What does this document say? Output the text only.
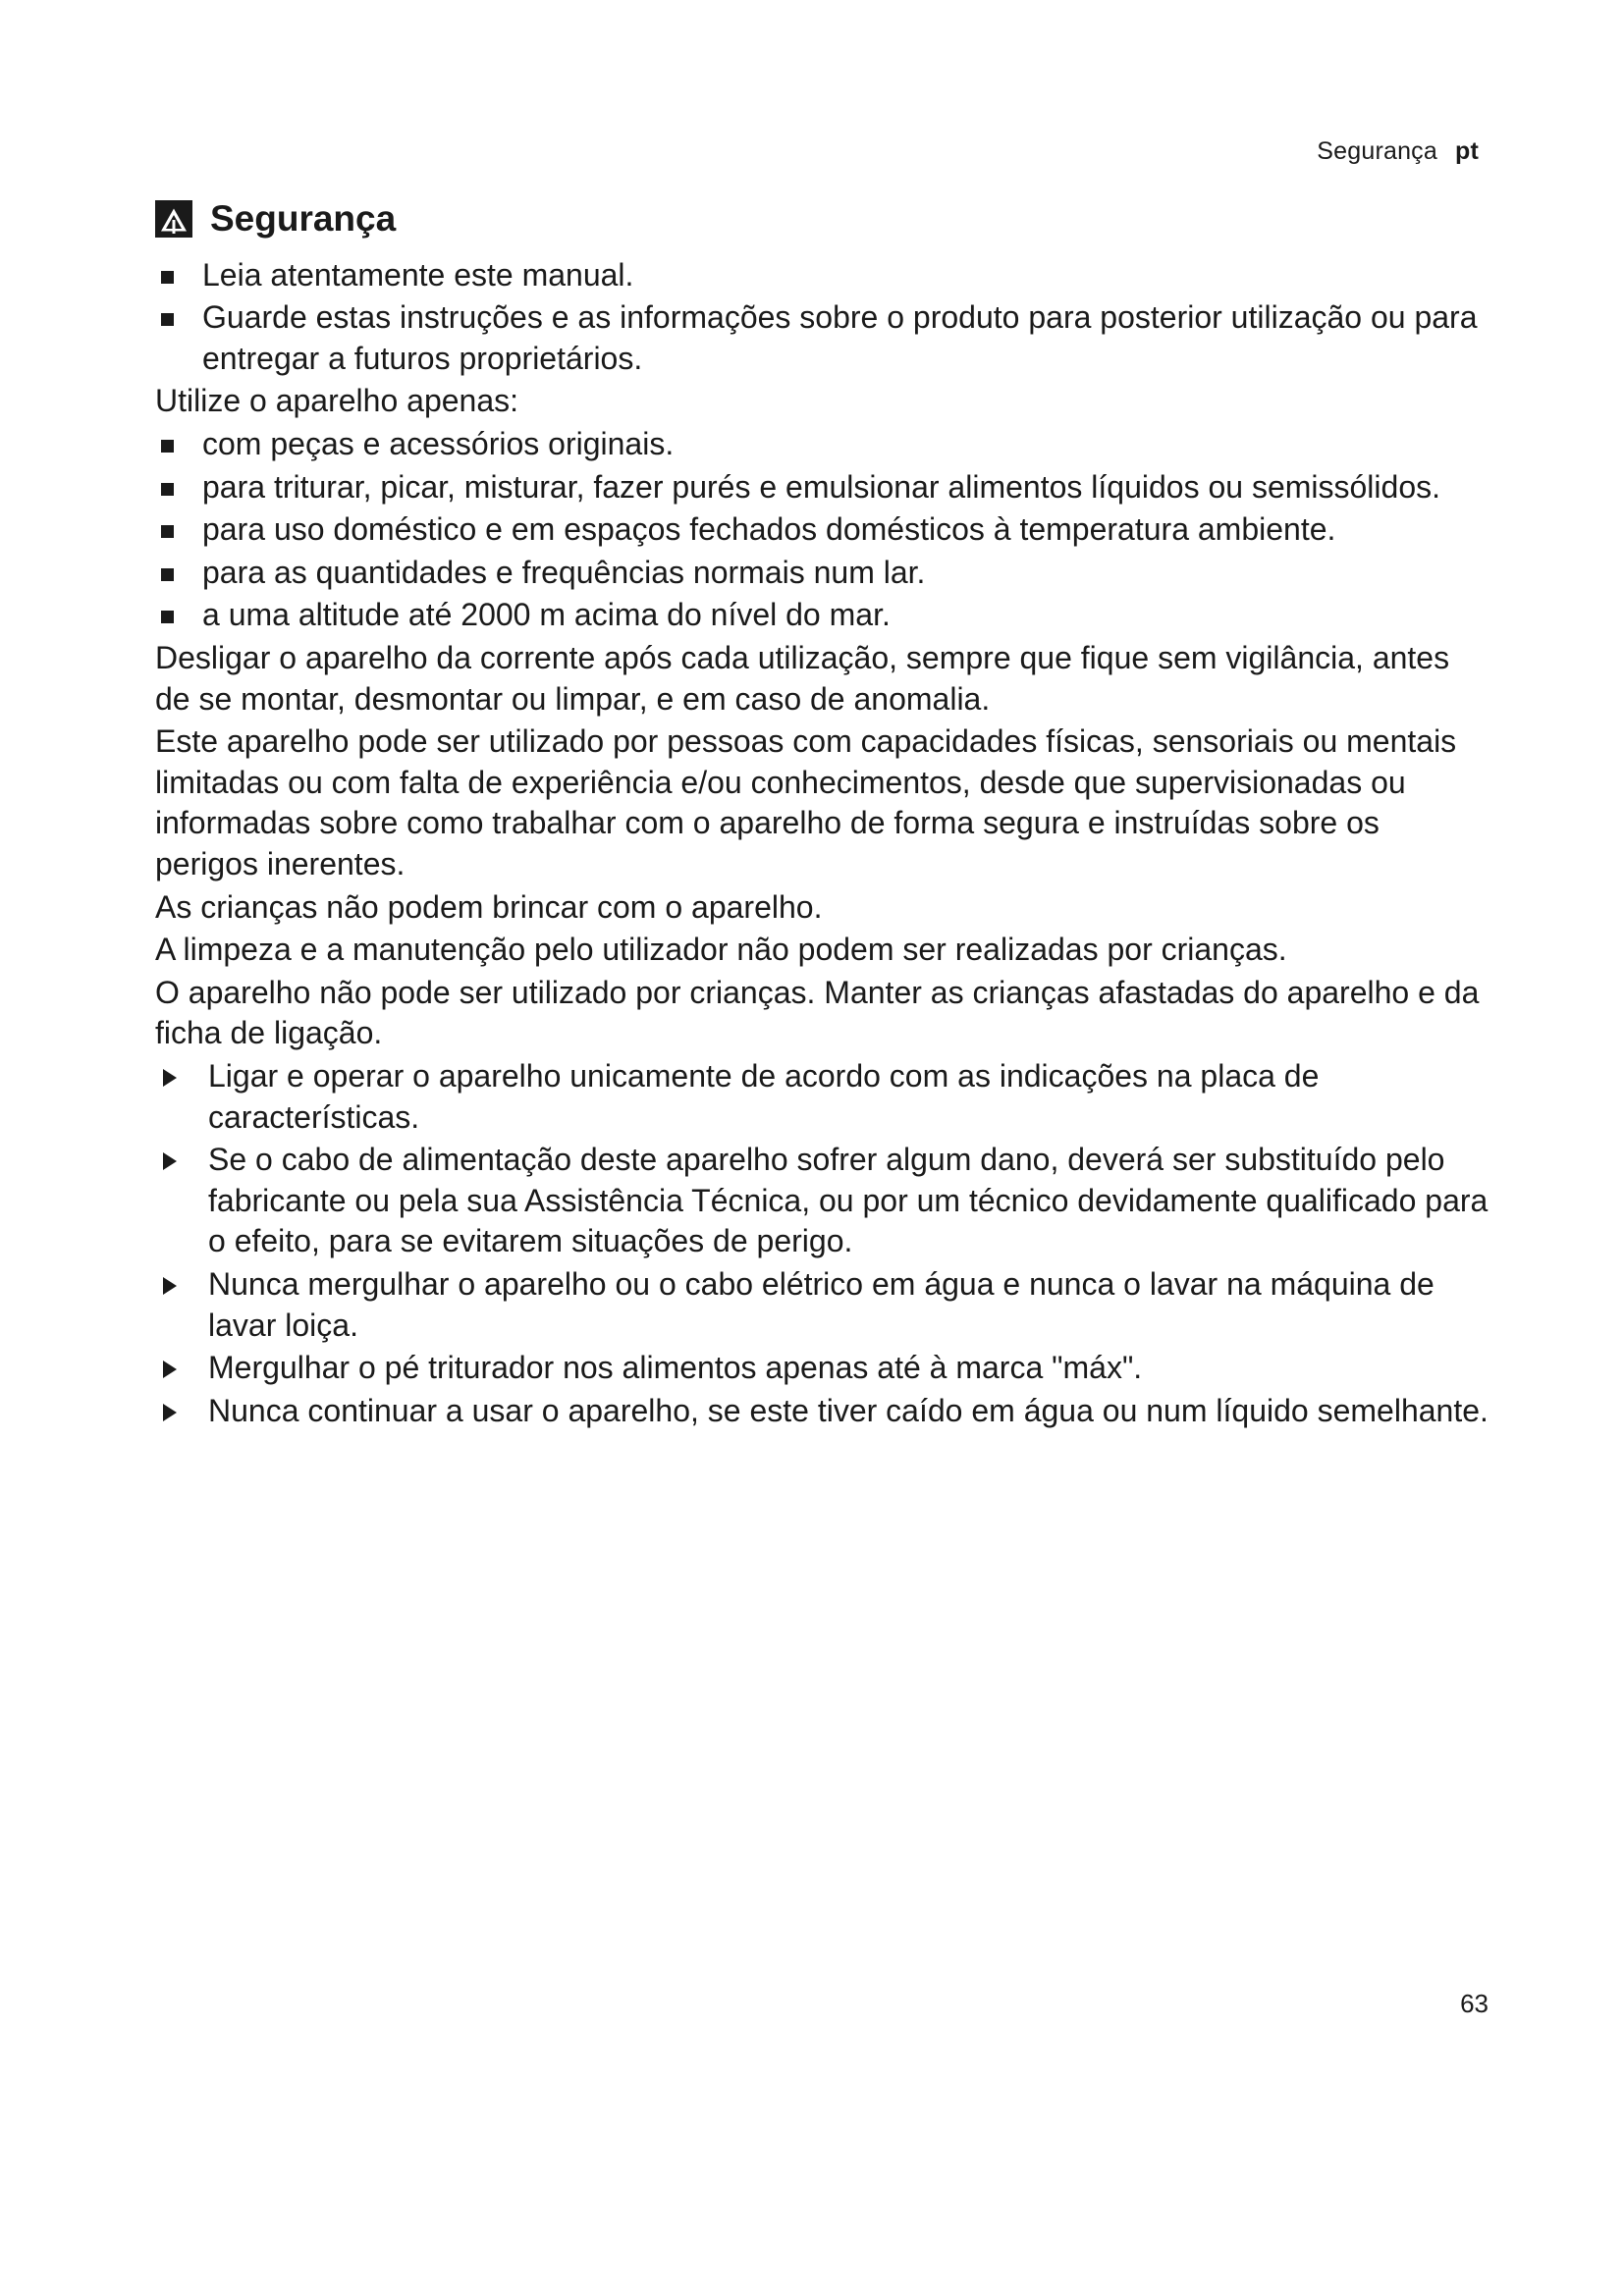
Segurança pt
Segurança
Leia atentamente este manual.
Guarde estas instruções e as informações sobre o produto para posterior utilização ou para entregar a futuros proprietários.

Utilize o aparelho apenas:

com peças e acessórios originais.
para triturar, picar, misturar, fazer purés e emulsionar alimentos líquidos ou semissólidos.
para uso doméstico e em espaços fechados domésticos à temperatura ambiente.
para as quantidades e frequências normais num lar.
a uma altitude até 2000 m acima do nível do mar.

Desligar o aparelho da corrente após cada utilização, sempre que fique sem vigilância, antes de se montar, desmontar ou limpar, e em caso de anomalia.

Este aparelho pode ser utilizado por pessoas com capacidades físicas, sensoriais ou mentais limitadas ou com falta de experiência e/ou conhecimentos, desde que supervisionadas ou informadas sobre como trabalhar com o aparelho de forma segura e instruídas sobre os perigos inerentes.

As crianças não podem brincar com o aparelho.

A limpeza e a manutenção pelo utilizador não podem ser realizadas por crianças.

O aparelho não pode ser utilizado por crianças. Manter as crianças afastadas do aparelho e da ficha de ligação.

Ligar e operar o aparelho unicamente de acordo com as indicações na placa de características.
Se o cabo de alimentação deste aparelho sofrer algum dano, deverá ser substituído pelo fabricante ou pela sua Assistência Técnica, ou por um técnico devidamente qualificado para o efeito, para se evitarem situações de perigo.
Nunca mergulhar o aparelho ou o cabo elétrico em água e nunca o lavar na máquina de lavar loiça.
Mergulhar o pé triturador nos alimentos apenas até à marca "máx".
Nunca continuar a usar o aparelho, se este tiver caído em água ou num líquido semelhante.
63
